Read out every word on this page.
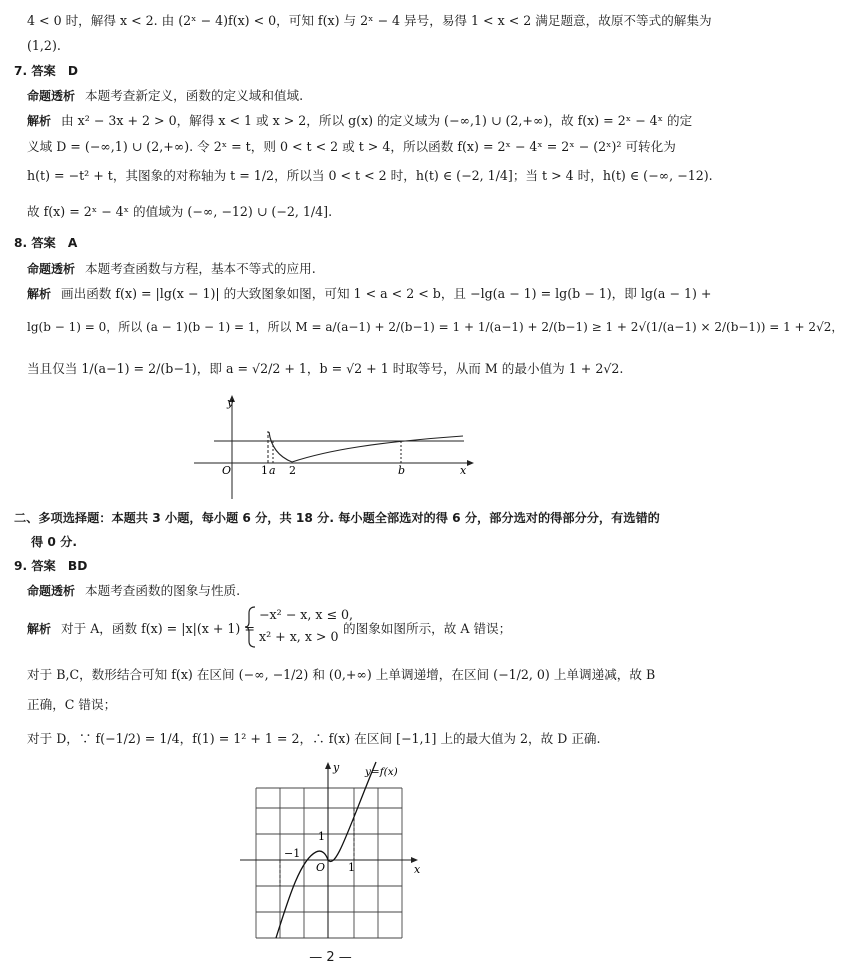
4 < 0 时，解得 x < 2. 由 (2ˣ − 4)f(x) < 0，可知 f(x) 与 2ˣ − 4 异号，易得 1 < x < 2 满足题意，故原不等式的解集为
(1,2).
7. 答案　D
命题透析 本题考查新定义，函数的定义域和值域.
解析 由 x² − 3x + 2 > 0，解得 x < 1 或 x > 2，所以 g(x) 的定义域为 (−∞,1) ∪ (2,+∞)，故 f(x) = 2ˣ − 4ˣ 的定
义域 D = (−∞,1) ∪ (2,+∞). 令 2ˣ = t，则 0 < t < 2 或 t > 4，所以函数 f(x) = 2ˣ − 4ˣ = 2ˣ − (2ˣ)² 可转化为
h(t) = −t² + t，其图象的对称轴为 t = 1/2，所以当 0 < t < 2 时，h(t) ∈ (−2, 1/4]；当 t > 4 时，h(t) ∈ (−∞, −12).
故 f(x) = 2ˣ − 4ˣ 的值域为 (−∞, −12) ∪ (−2, 1/4].
8. 答案　A
命题透析 本题考查函数与方程，基本不等式的应用.
解析 画出函数 f(x) = |lg(x − 1)| 的大致图象如图，可知 1 < a < 2 < b，且 −lg(a − 1) = lg(b − 1)，即 lg(a − 1) +
lg(b − 1) = 0，所以 (a − 1)(b − 1) = 1，所以 M = a/(a−1) + 2/(b−1) = 1 + 1/(a−1) + 2/(b−1) ≥ 1 + 2√(1/(a−1) × 2/(b−1)) = 1 + 2√2，
当且仅当 1/(a−1) = 2/(b−1)，即 a = √2/2 + 1，b = √2 + 1 时取等号，从而 M 的最小值为 1 + 2√2.
y
x
O	1 a 2	b
二、多项选择题：本题共 3 小题，每小题 6 分，共 18 分. 每小题全部选对的得 6 分，部分选对的得部分分，有选错的
得 0 分.
9. 答案　BD
命题透析 本题考查函数的图象与性质.
解析 对于 A，函数 f(x) = |x|(x + 1) =
−x² − x, x ≤ 0,
x² + x, x > 0
的图象如图所示，故 A 错误；
对于 B,C，数形结合可知 f(x) 在区间 (−∞, −1/2) 和 (0,+∞) 上单调递增，在区间 (−1/2, 0) 上单调递减，故 B
正确，C 错误；
对于 D，∵ f(−1/2) = 1/4，f(1) = 1² + 1 = 2，∴ f(x) 在区间 [−1,1] 上的最大值为 2，故 D 正确.
y y=f(x)
x
O
1
1
−1
— 2 —
